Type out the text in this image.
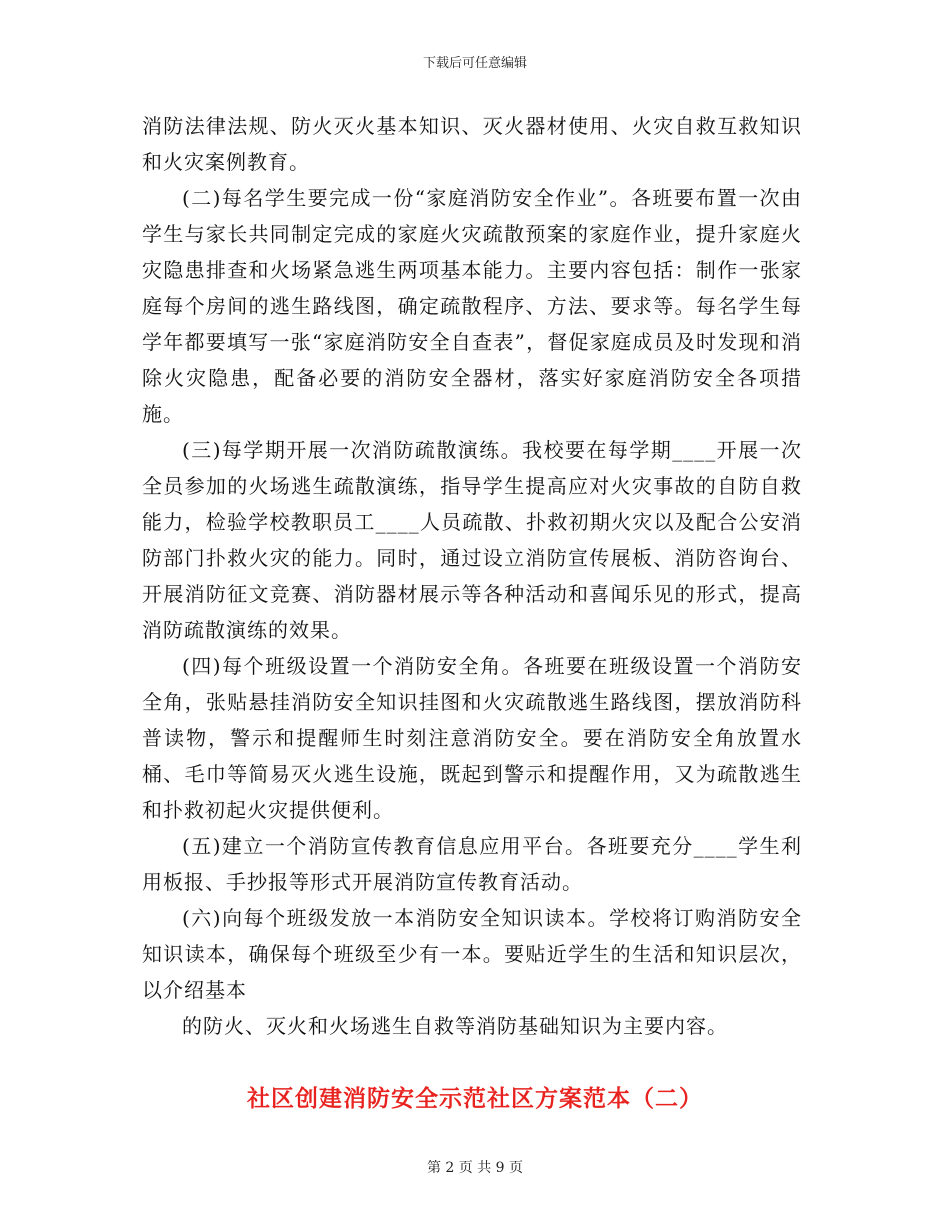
下载后可任意编辑

消防法律法规、防火灭火基本知识、灭火器材使用、火灾自救互救知识和火灾案例教育。

(二)每名学生要完成一份“家庭消防安全作业”。各班要布置一次由学生与家长共同制定完成的家庭火灾疏散预案的家庭作业，提升家庭火灾隐患排查和火场紧急逃生两项基本能力。主要内容包括：制作一张家庭每个房间的逃生路线图，确定疏散程序、方法、要求等。每名学生每学年都要填写一张“家庭消防安全自查表”，督促家庭成员及时发现和消除火灾隐患，配备必要的消防安全器材，落实好家庭消防安全各项措施。

(三)每学期开展一次消防疏散演练。我校要在每学期____开展一次全员参加的火场逃生疏散演练，指导学生提高应对火灾事故的自防自救能力，检验学校教职员工____人员疏散、扑救初期火灾以及配合公安消防部门扑救火灾的能力。同时，通过设立消防宣传展板、消防咨询台、开展消防征文竞赛、消防器材展示等各种活动和喜闻乐见的形式，提高消防疏散演练的效果。

(四)每个班级设置一个消防安全角。各班要在班级设置一个消防安全角，张贴悬挂消防安全知识挂图和火灾疏散逃生路线图，摆放消防科普读物，警示和提醒师生时刻注意消防安全。要在消防安全角放置水桶、毛巾等简易灭火逃生设施，既起到警示和提醒作用，又为疏散逃生和扑救初起火灾提供便利。

(五)建立一个消防宣传教育信息应用平台。各班要充分____学生利用板报、手抄报等形式开展消防宣传教育活动。

(六)向每个班级发放一本消防安全知识读本。学校将订购消防安全知识读本，确保每个班级至少有一本。要贴近学生的生活和知识层次，以介绍基本

的防火、灭火和火场逃生自救等消防基础知识为主要内容。

社区创建消防安全示范社区方案范本（二）
第 2 页 共 9 页
